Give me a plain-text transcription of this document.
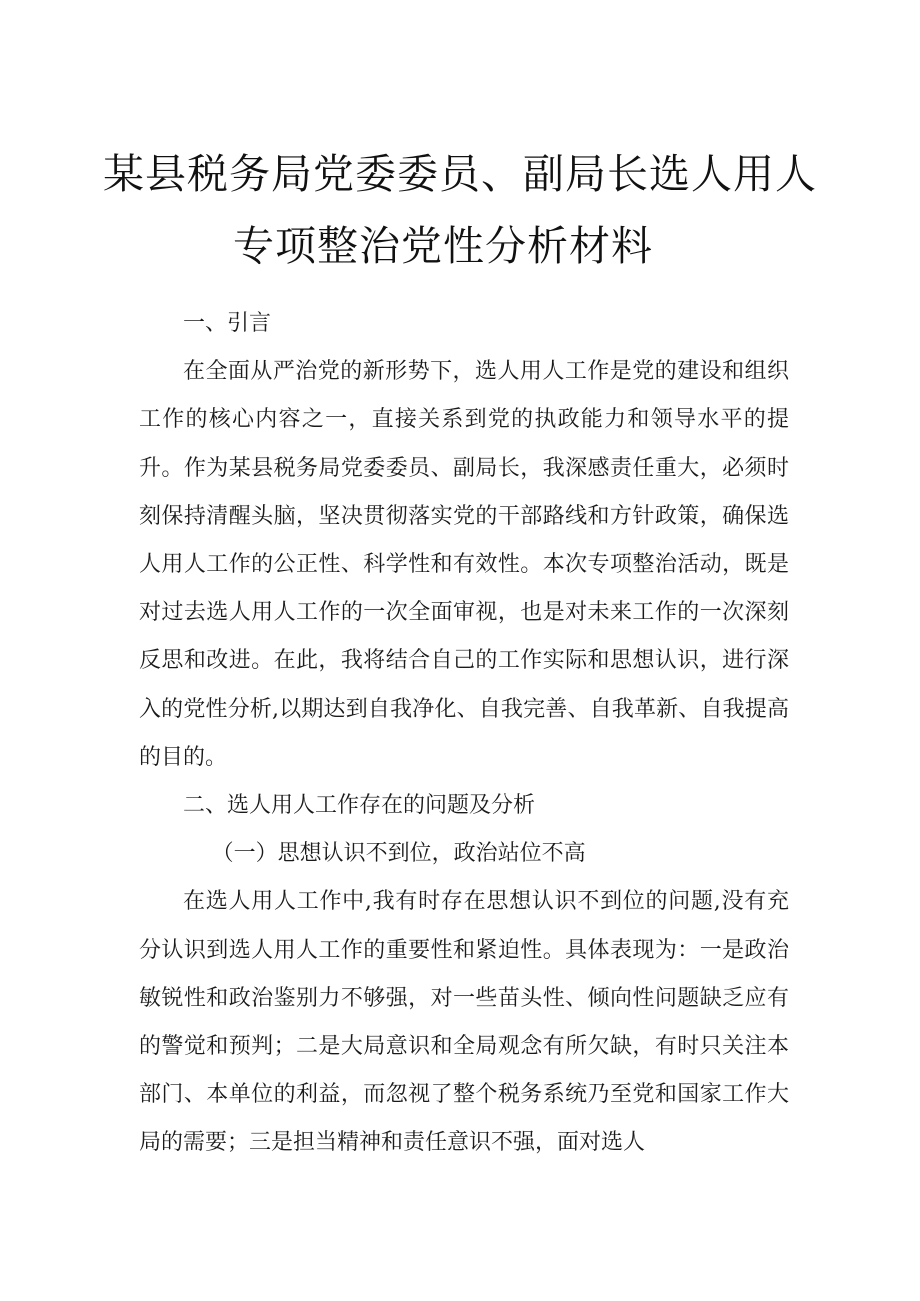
某县税务局党委委员、副局长选人用人
专项整治党性分析材料

一、引言

在全面从严治党的新形势下，选人用人工作是党的建设和组织工作的核心内容之一，直接关系到党的执政能力和领导水平的提升。作为某县税务局党委委员、副局长，我深感责任重大，必须时刻保持清醒头脑，坚决贯彻落实党的干部路线和方针政策，确保选人用人工作的公正性、科学性和有效性。本次专项整治活动，既是对过去选人用人工作的一次全面审视，也是对未来工作的一次深刻反思和改进。在此，我将结合自己的工作实际和思想认识，进行深入的党性分析,以期达到自我净化、自我完善、自我革新、自我提高的目的。

二、选人用人工作存在的问题及分析

（一）思想认识不到位，政治站位不高

在选人用人工作中,我有时存在思想认识不到位的问题,没有充分认识到选人用人工作的重要性和紧迫性。具体表现为：一是政治敏锐性和政治鉴别力不够强，对一些苗头性、倾向性问题缺乏应有的警觉和预判；二是大局意识和全局观念有所欠缺，有时只关注本部门、本单位的利益，而忽视了整个税务系统乃至党和国家工作大局的需要；三是担当精神和责任意识不强，面对选人
